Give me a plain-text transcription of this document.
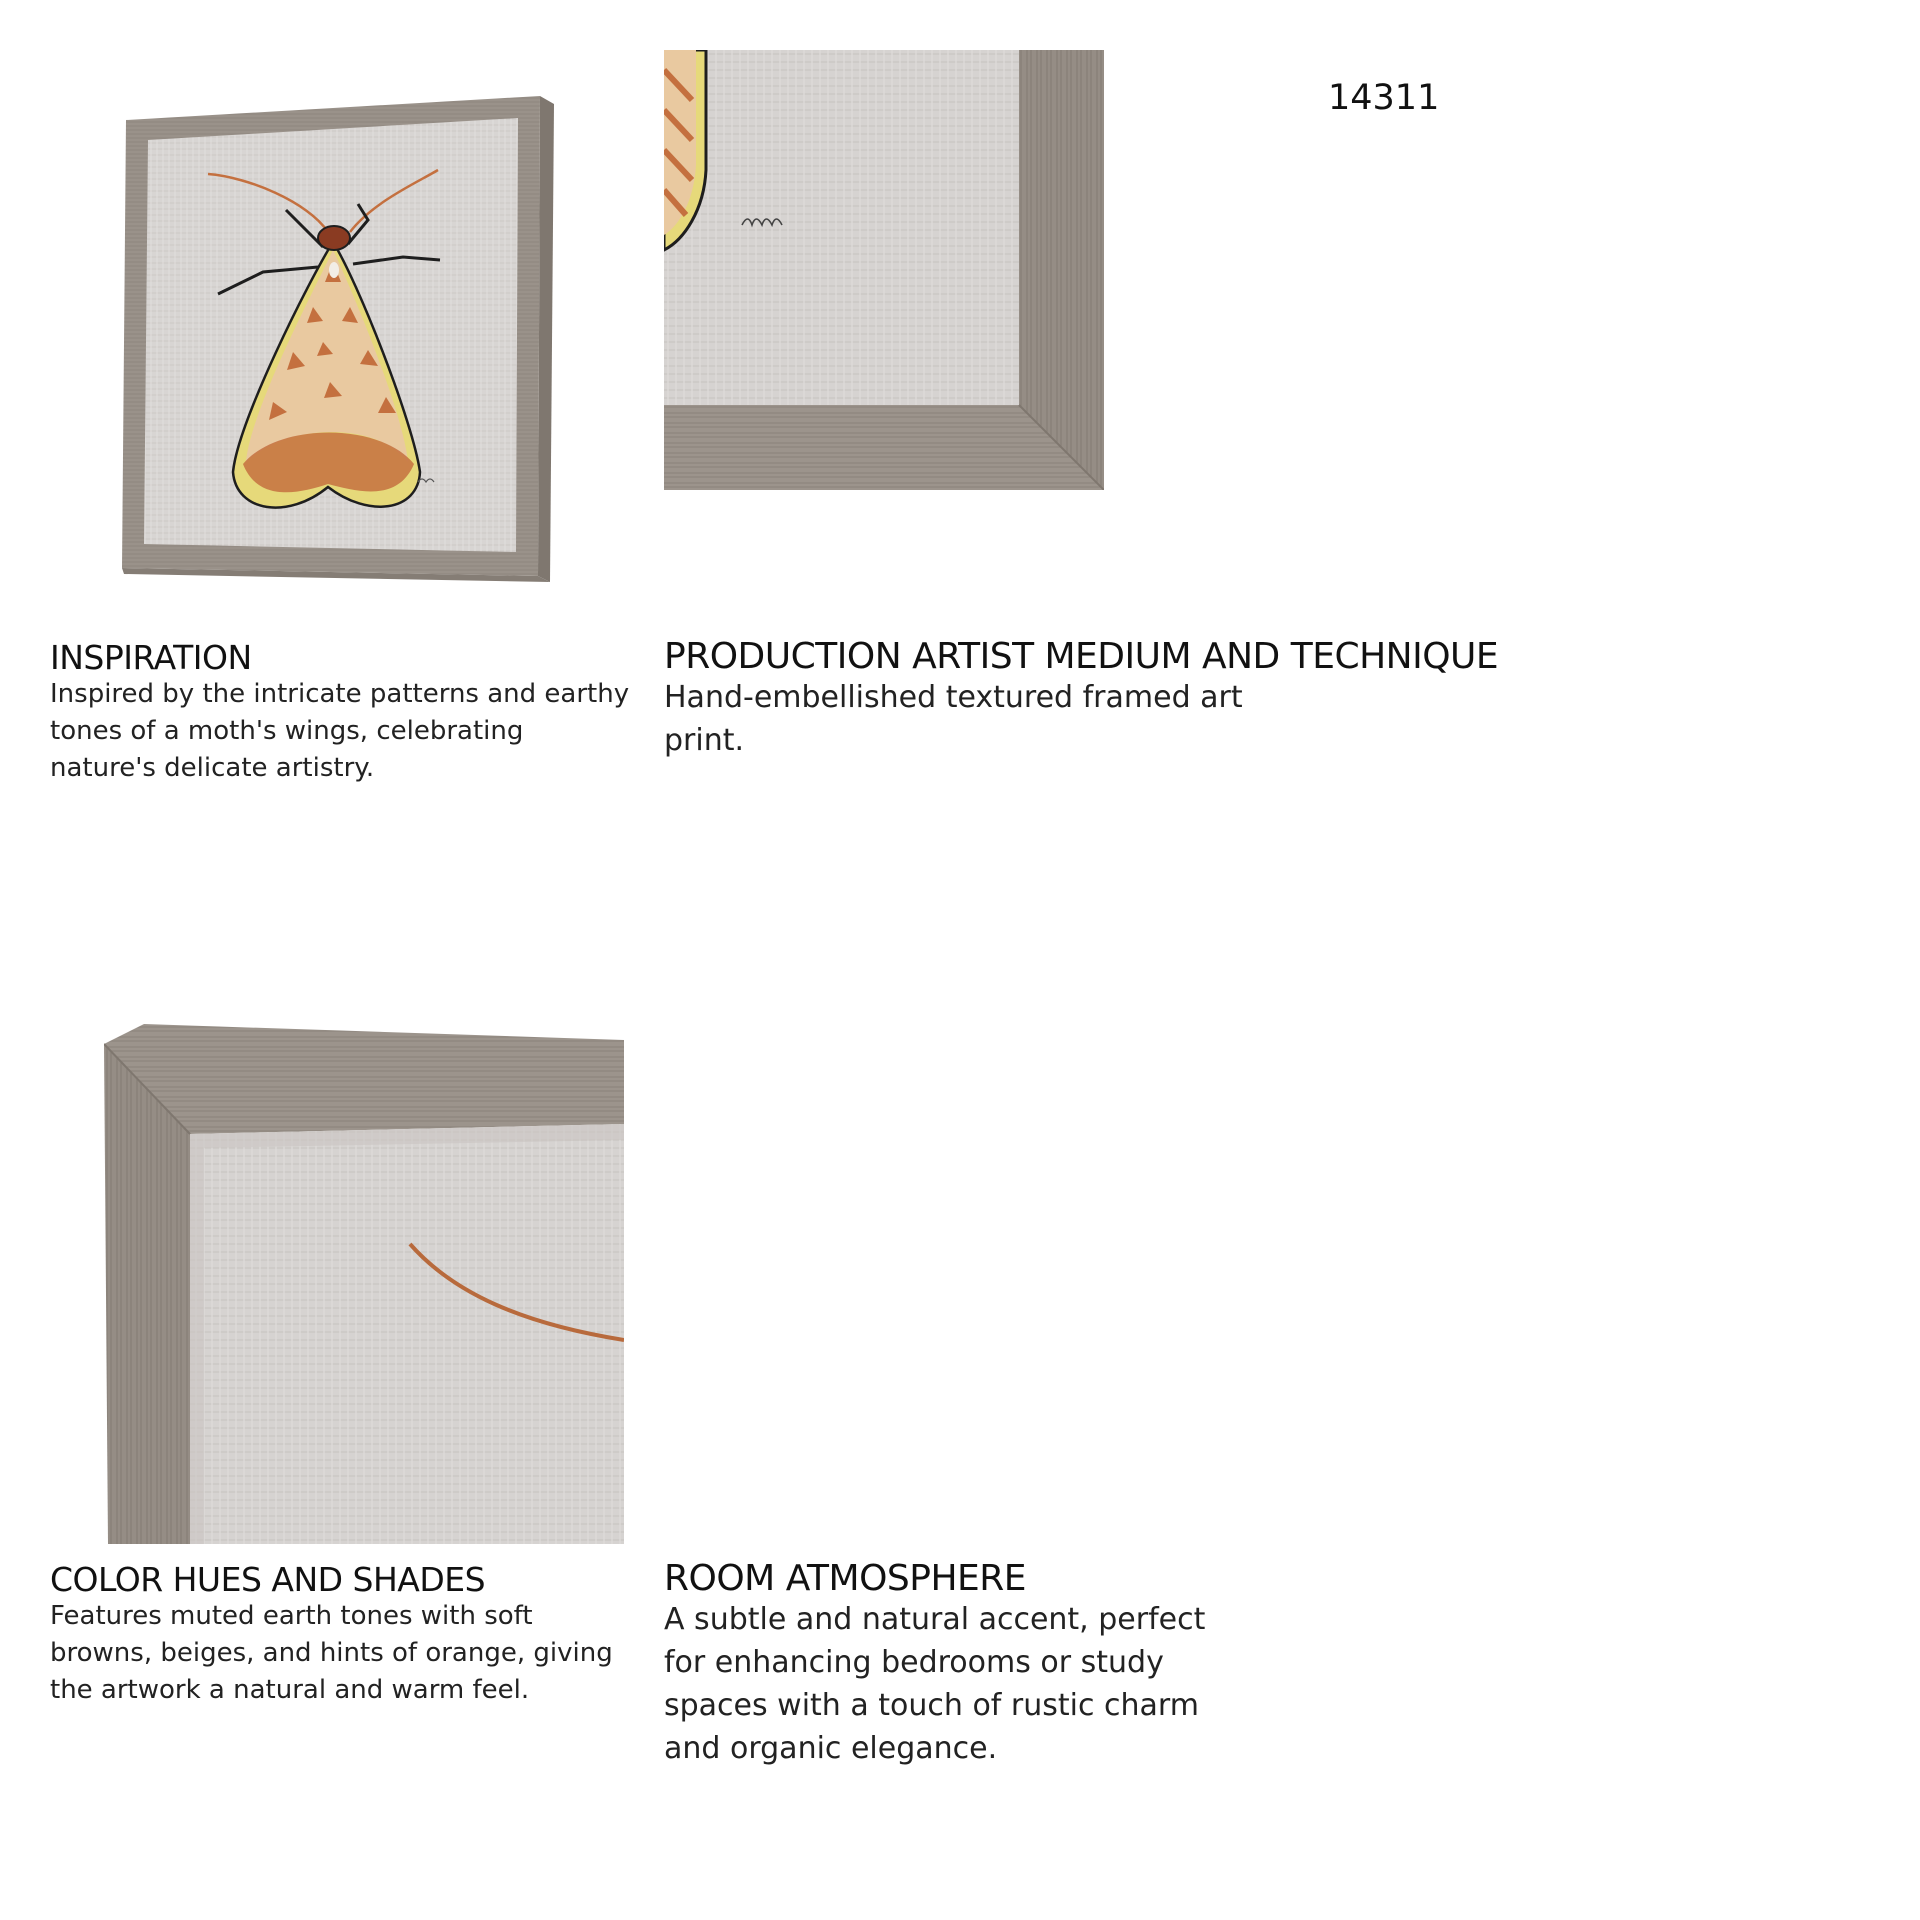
14311
INSPIRATION

Inspired by the intricate patterns and earthy tones of a moth's wings, celebrating nature's delicate artistry.

PRODUCTION ARTIST MEDIUM AND TECHNIQUE

Hand-embellished textured framed art print.

COLOR HUES AND SHADES

Features muted earth tones with soft browns, beiges, and hints of orange, giving the artwork a natural and warm feel.

ROOM ATMOSPHERE

A subtle and natural accent, perfect for enhancing bedrooms or study spaces with a touch of rustic charm and organic elegance.
